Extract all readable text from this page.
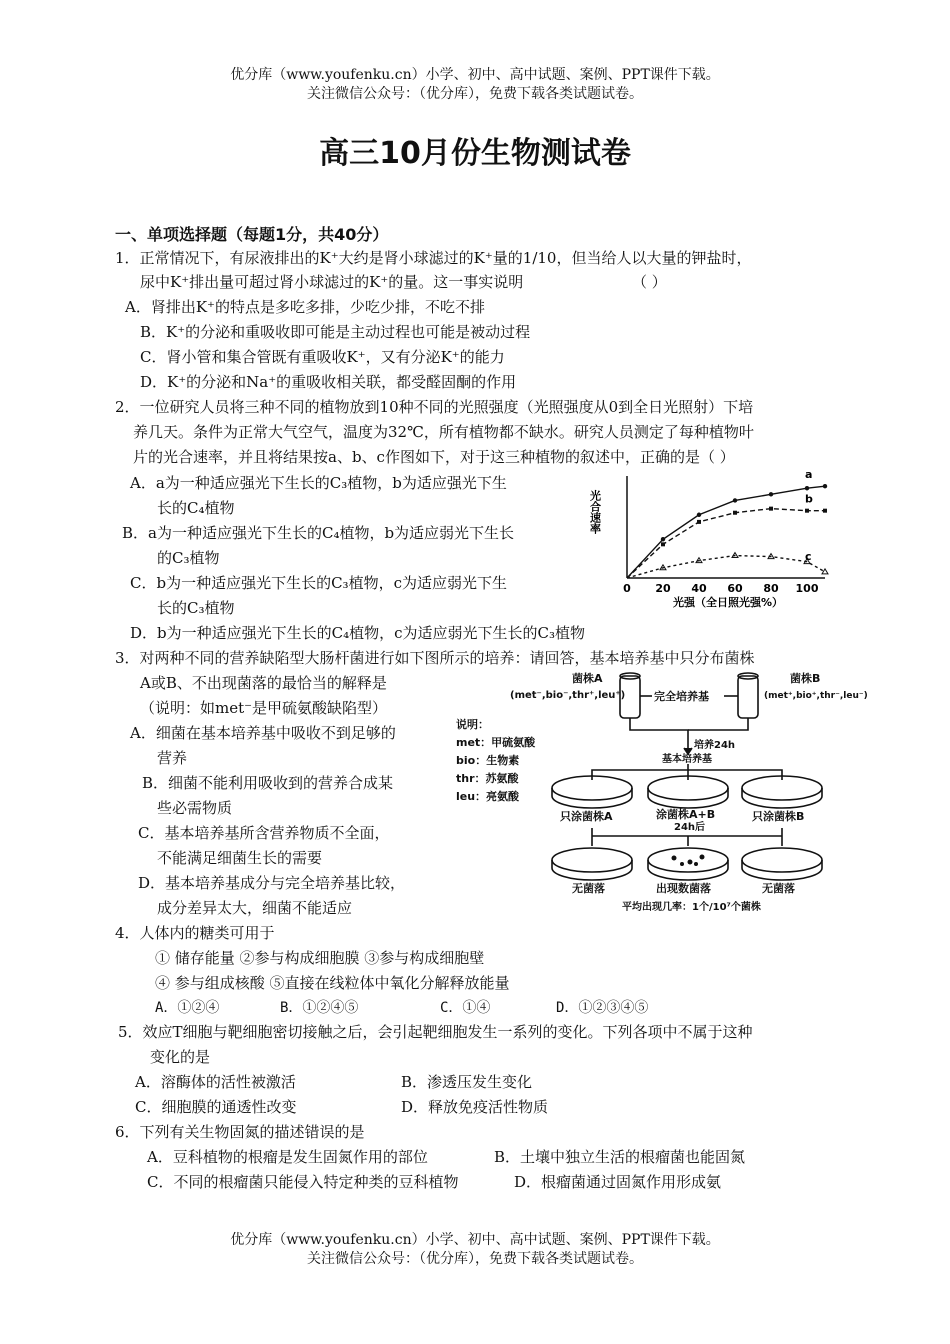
优分库（www.youfenku.cn）小学、初中、高中试题、案例、PPT课件下载。
关注微信公众号：（优分库），免费下载各类试题试卷。
高三10月份生物测试卷
一、单项选择题（每题1分，共40分）
1．正常情况下，有尿液排出的K⁺大约是肾小球滤过的K⁺量的1/10，但当给人以大量的钾盐时，
尿中K⁺排出量可超过肾小球滤过的K⁺的量。这一事实说明	（ ）
A．肾排出K⁺的特点是多吃多排，少吃少排，不吃不排
B．K⁺的分泌和重吸收即可能是主动过程也可能是被动过程
C．肾小管和集合管既有重吸收K⁺，又有分泌K⁺的能力
D．K⁺的分泌和Na⁺的重吸收相关联，都受醛固酮的作用
2．一位研究人员将三种不同的植物放到10种不同的光照强度（光照强度从0到全日光照射）下培
养几天。条件为正常大气空气，温度为32℃，所有植物都不缺水。研究人员测定了每种植物叶
片的光合速率，并且将结果按a、b、c作图如下，对于这三种植物的叙述中，正确的是（ ）
A．a为一种适应强光下生长的C₃植物，b为适应强光下生
长的C₄植物
B．a为一种适应强光下生长的C₄植物，b为适应弱光下生长
的C₃植物
C．b为一种适应强光下生长的C₃植物，c为适应弱光下生
长的C₃植物
D．b为一种适应强光下生长的C₄植物，c为适应弱光下生长的C₃植物
0 20 40 60 80 100
a
b
c
光合速率
光强（全日照光强%）
3．对两种不同的营养缺陷型大肠杆菌进行如下图所示的培养：请回答，基本培养基中只分布菌株
A或B、不出现菌落的最恰当的解释是
（说明：如met⁻是甲硫氨酸缺陷型）
A．细菌在基本培养基中吸收不到足够的
营养
B．细菌不能利用吸收到的营养合成某
些必需物质
C．基本培养基所含营养物质不全面，
不能满足细菌生长的需要
D．基本培养基成分与完全培养基比较，
成分差异太大，细菌不能适应
菌株A
(met⁻,bio⁻,thr⁺,leu⁺)
菌株B
(met⁺,bio⁺,thr⁻,leu⁻)
完全培养基
说明：
met：甲硫氨酸
bio：生物素
thr：苏氨酸
leu：亮氨酸
培养24h
基本培养基
只涂菌株A	涂菌株A+B
24h后
只涂菌株B
无菌落	出现数菌落	无菌落
平均出现几率：1个/10⁷个菌株
4．人体内的糖类可用于
① 储存能量 ②参与构成细胞膜 ③参与构成细胞壁
④ 参与组成核酸 ⑤直接在线粒体中氧化分解释放能量
A．①②④	B．①②④⑤	C．①④	D．①②③④⑤
5．效应T细胞与靶细胞密切接触之后，会引起靶细胞发生一系列的变化。下列各项中不属于这种
变化的是
A．溶酶体的活性被激活	B．渗透压发生变化
C．细胞膜的通透性改变	D．释放免疫活性物质
6．下列有关生物固氮的描述错误的是
A．豆科植物的根瘤是发生固氮作用的部位	B．土壤中独立生活的根瘤菌也能固氮
C．不同的根瘤菌只能侵入特定种类的豆科植物	D．根瘤菌通过固氮作用形成氨
优分库（www.youfenku.cn）小学、初中、高中试题、案例、PPT课件下载。
关注微信公众号：（优分库），免费下载各类试题试卷。
